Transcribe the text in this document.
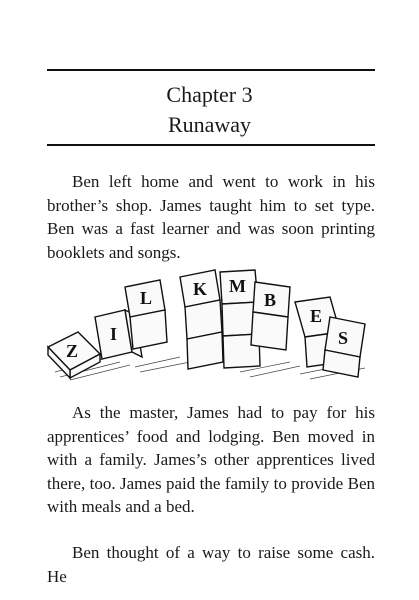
Chapter 3
Runaway

Ben left home and went to work in his brother’s shop. James taught him to set type. Ben was a fast learner and was soon printing booklets and songs.

Z
I
L K M
B
E
S

As the master, James had to pay for his apprentices’ food and lodging. Ben moved in with a family. James’s other apprentices lived there, too. James paid the family to provide Ben with meals and a bed.

Ben thought of a way to raise some cash. He
